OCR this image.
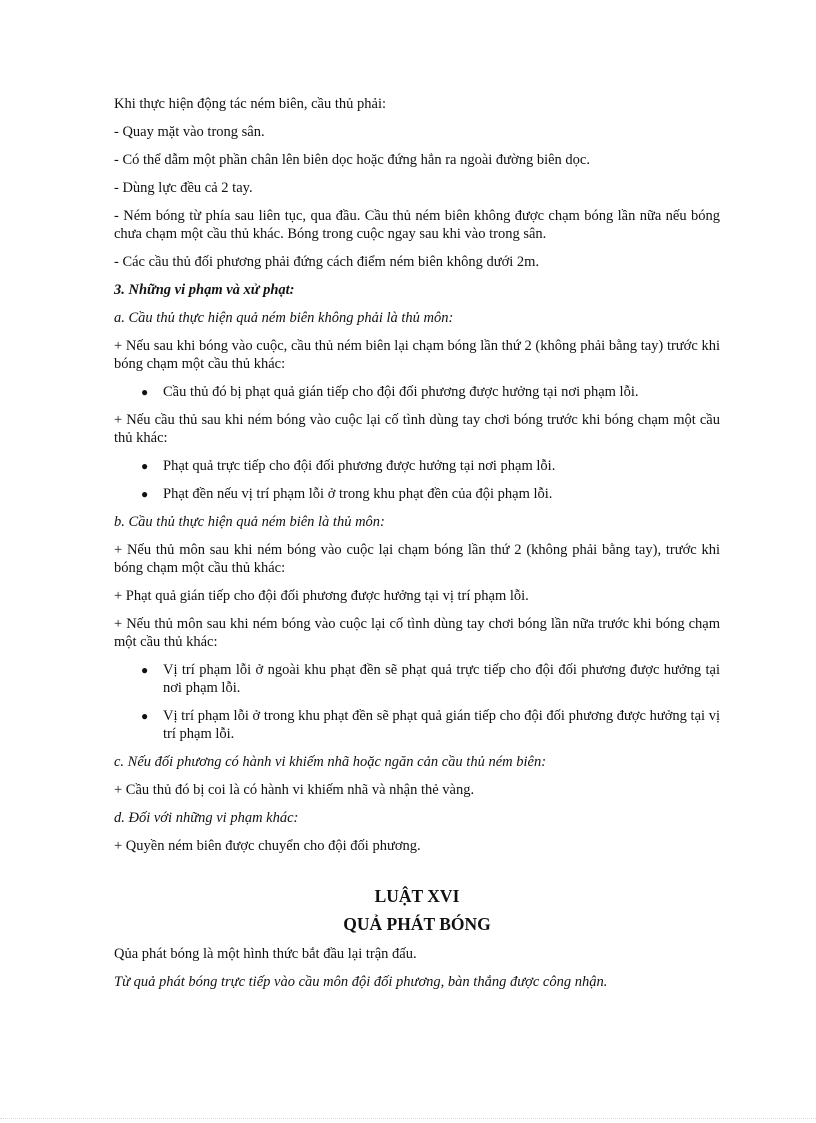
Khi thực hiện động tác ném biên, cầu thủ phải:

- Quay mặt vào trong sân.

- Có thể dẫm một phần chân lên biên dọc hoặc đứng hẳn ra ngoài đường biên dọc.

- Dùng lực đều cả 2 tay.

- Ném bóng từ phía sau liên tục, qua đầu. Cầu thủ ném biên không được chạm bóng lần nữa nếu bóng chưa chạm một cầu thủ khác. Bóng trong cuộc ngay sau khi vào trong sân.

- Các cầu thủ đối phương phải đứng cách điểm ném biên không dưới 2m.

3. Những vi phạm và xử phạt:

a. Cầu thủ thực hiện quả ném biên không phải là thủ môn:

+ Nếu sau khi bóng vào cuộc, cầu thủ ném biên lại chạm bóng lần thứ 2 (không phải bằng tay) trước khi bóng chạm một cầu thủ khác:

● Cầu thủ đó bị phạt quả gián tiếp cho đội đối phương được hưởng tại nơi phạm lỗi.

+ Nếu cầu thủ sau khi ném bóng vào cuộc lại cố tình dùng tay chơi bóng trước khi bóng chạm một cầu thủ khác:

● Phạt quả trực tiếp cho đội đối phương được hưởng tại nơi phạm lỗi.
● Phạt đền nếu vị trí phạm lỗi ở trong khu phạt đền của đội phạm lỗi.

b. Cầu thủ thực hiện quả ném biên là thủ môn:

+ Nếu thủ môn sau khi ném bóng vào cuộc lại chạm bóng lần thứ 2 (không phải bằng tay), trước khi bóng chạm một cầu thủ khác:

+ Phạt quả gián tiếp cho đội đối phương được hưởng tại vị trí phạm lỗi.

+ Nếu thủ môn sau khi ném bóng vào cuộc lại cố tình dùng tay chơi bóng lần nữa trước khi bóng chạm một cầu thủ khác:

● Vị trí phạm lỗi ở ngoài khu phạt đền sẽ phạt quả trực tiếp cho đội đối phương được hưởng tại nơi phạm lỗi.
● Vị trí phạm lỗi ở trong khu phạt đền sẽ phạt quả gián tiếp cho đội đối phương được hưởng tại vị trí phạm lỗi.

c. Nếu đối phương có hành vi khiếm nhã hoặc ngăn cản cầu thủ ném biên:

+ Cầu thủ đó bị coi là có hành vi khiếm nhã và nhận thẻ vàng.

d. Đối với những vi phạm khác:

+ Quyền ném biên được chuyển cho đội đối phương.

LUẬT XVI
QUẢ PHÁT BÓNG

Qủa phát bóng là một hình thức bắt đầu lại trận đấu.

Từ quả phát bóng trực tiếp vào cầu môn đội đối phương, bàn thắng được công nhận.
